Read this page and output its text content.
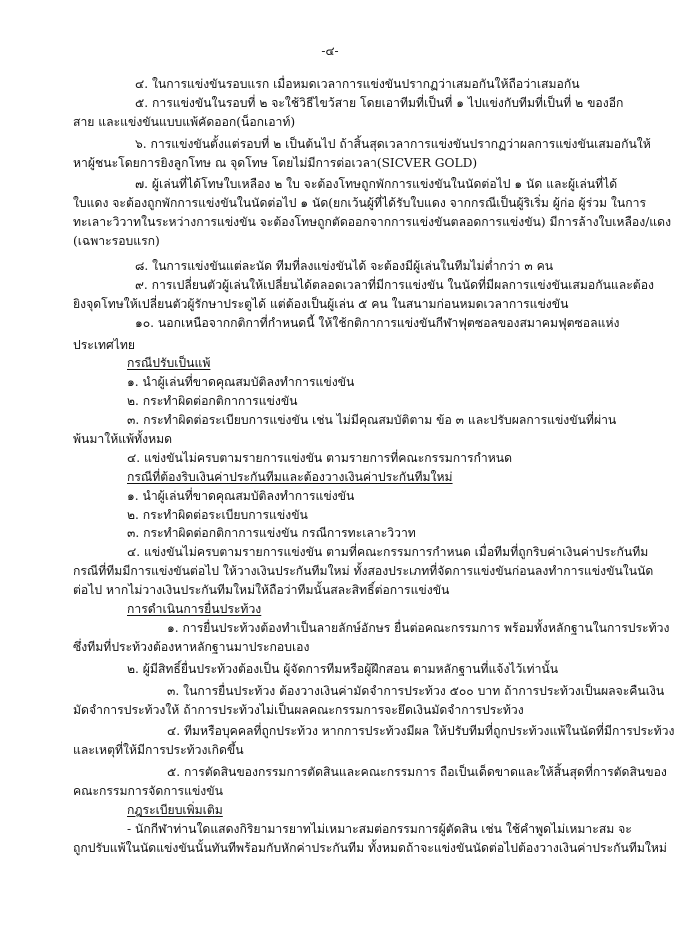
-๔-
๔. ในการแข่งขันรอบแรก เมื่อหมดเวลาการแข่งขันปรากฏว่าเสมอกันให้ถือว่าเสมอกัน
๕. การแข่งขันในรอบที่ ๒ จะใช้วิธีไขว้สาย โดยเอาทีมที่เป็นที่ ๑ ไปแข่งกับทีมที่เป็นที่ ๒ ของอีก
สาย และแข่งขันแบบแพ้คัดออก(น็อกเอาท์)
๖. การแข่งขันตั้งแต่รอบที่ ๒ เป็นต้นไป ถ้าสิ้นสุดเวลาการแข่งขันปรากฏว่าผลการแข่งขันเสมอกันให้
หาผู้ชนะโดยการยิงลูกโทษ ณ จุดโทษ โดยไม่มีการต่อเวลา(SICVER GOLD)
๗. ผู้เล่นที่ได้โทษใบเหลือง ๒ ใบ จะต้องโทษถูกพักการแข่งขันในนัดต่อไป ๑ นัด และผู้เล่นที่ได้
ใบแดง จะต้องถูกพักการแข่งขันในนัดต่อไป ๑ นัด(ยกเว้นผู้ที่ได้รับใบแดง จากกรณีเป็นผู้ริเริ่ม ผู้ก่อ ผู้ร่วม ในการ
ทะเลาะวิวาทในระหว่างการแข่งขัน จะต้องโทษถูกตัดออกจากการแข่งขันตลอดการแข่งขัน) มีการล้างใบเหลือง/แดง
(เฉพาะรอบแรก)
๘. ในการแข่งขันแต่ละนัด ทีมที่ลงแข่งขันได้ จะต้องมีผู้เล่นในทีมไม่ต่ำกว่า ๓ คน
๙. การเปลี่ยนตัวผู้เล่นให้เปลี่ยนได้ตลอดเวลาที่มีการแข่งขัน ในนัดที่มีผลการแข่งขันเสมอกันและต้อง
ยิงจุดโทษให้เปลี่ยนตัวผู้รักษาประตูได้ แต่ต้องเป็นผู้เล่น ๕ คน ในสนามก่อนหมดเวลาการแข่งขัน
๑๐. นอกเหนือจากกติกาที่กำหนดนี้ ให้ใช้กติกาการแข่งขันกีฬาฟุตซอลของสมาคมฟุตซอลแห่ง
ประเทศไทย
กรณีปรับเป็นแพ้
๑. นำผู้เล่นที่ขาดคุณสมบัติลงทำการแข่งขัน
๒. กระทำผิดต่อกติกาการแข่งขัน
๓. กระทำผิดต่อระเบียบการแข่งขัน เช่น ไม่มีคุณสมบัติตาม ข้อ ๓ และปรับผลการแข่งขันที่ผ่าน
พ้นมาให้แพ้ทั้งหมด
๔. แข่งขันไม่ครบตามรายการแข่งขัน ตามรายการที่คณะกรรมการกำหนด
กรณีที่ต้องริบเงินค่าประกันทีมและต้องวางเงินค่าประกันทีมใหม่
๑. นำผู้เล่นที่ขาดคุณสมบัติลงทำการแข่งขัน
๒. กระทำผิดต่อระเบียบการแข่งขัน
๓. กระทำผิดต่อกติกาการแข่งขัน กรณีการทะเลาะวิวาท
๔. แข่งขันไม่ครบตามรายการแข่งขัน ตามที่คณะกรรมการกำหนด เมื่อทีมที่ถูกริบค่าเงินค่าประกันทีม
กรณีที่ทีมมีการแข่งขันต่อไป ให้วางเงินประกันทีมใหม่ ทั้งสองประเภทที่จัดการแข่งขันก่อนลงทำการแข่งขันในนัด
ต่อไป หากไม่วางเงินประกันทีมใหม่ให้ถือว่าทีมนั้นสละสิทธิ์ต่อการแข่งขัน
การดำเนินการยื่นประท้วง
๑. การยื่นประท้วงต้องทำเป็นลายลักษ์อักษร ยื่นต่อคณะกรรมการ พร้อมทั้งหลักฐานในการประท้วง
ซึ่งทีมที่ประท้วงต้องหาหลักฐานมาประกอบเอง
๒. ผู้มีสิทธิ์ยื่นประท้วงต้องเป็น ผู้จัดการทีมหรือผู้ฝึกสอน ตามหลักฐานที่แจ้งไว้เท่านั้น
๓. ในการยื่นประท้วง ต้องวางเงินค่ามัดจำการประท้วง ๕๐๐ บาท ถ้าการประท้วงเป็นผลจะคืนเงิน
มัดจำการประท้วงให้ ถ้าการประท้วงไม่เป็นผลคณะกรรมการจะยึดเงินมัดจำการประท้วง
๔. ทีมหรือบุคคลที่ถูกประท้วง หากการประท้วงมีผล ให้ปรับทีมที่ถูกประท้วงแพ้ในนัดที่มีการประท้วง
และเหตุที่ให้มีการประท้วงเกิดขึ้น
๕. การตัดสินของกรรมการตัดสินและคณะกรรมการ ถือเป็นเด็ดขาดและให้สิ้นสุดที่การตัดสินของ
คณะกรรมการจัดการแข่งขัน
กฎระเบียบเพิ่มเติม
- นักกีฬาท่านใดแสดงกิริยามารยาทไม่เหมาะสมต่อกรรมการผู้ตัดสิน เช่น ใช้คำพูดไม่เหมาะสม จะ
ถูกปรับแพ้ในนัดแข่งขันนั้นทันทีพร้อมกับหักค่าประกันทีม ทั้งหมดถ้าจะแข่งขันนัดต่อไปต้องวางเงินค่าประกันทีมใหม่
